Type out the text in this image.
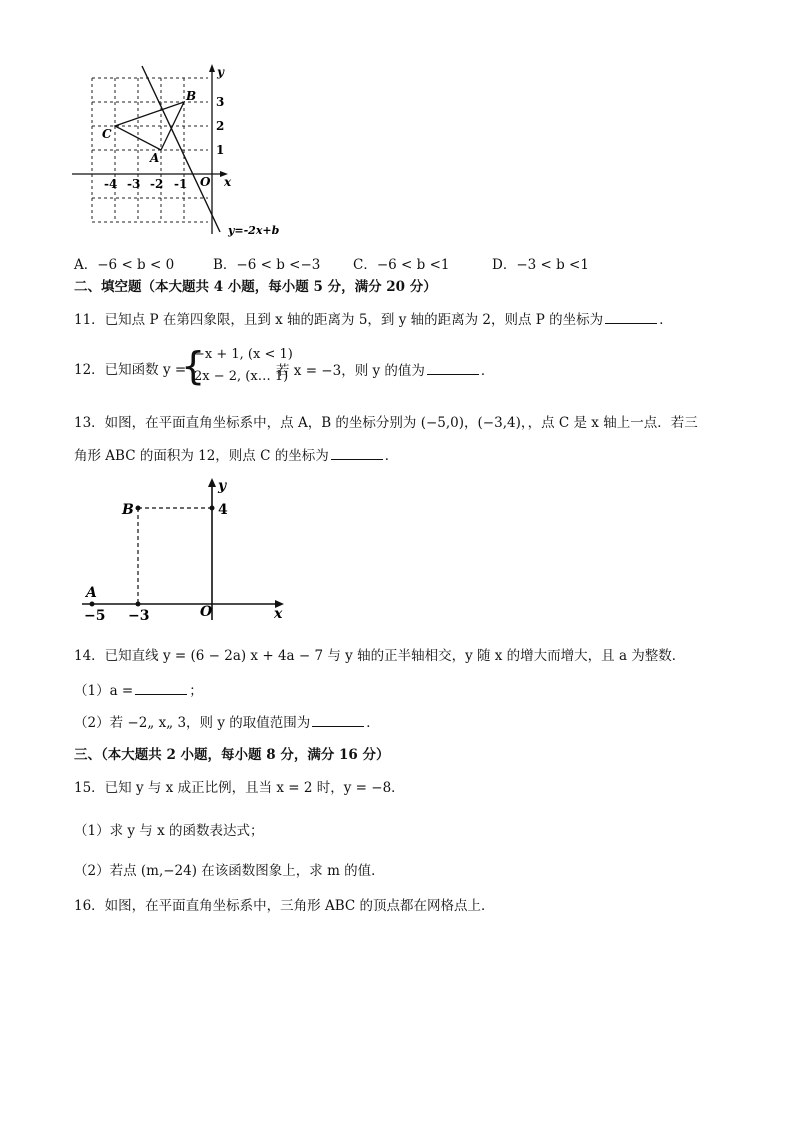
-4 -3 -2 -1
1
2
3
x
y
O
A
B
C
y=-2x+b
A．−6 < b < 0	B．−6 < b <−3 C．−6 < b <1	D．−3 < b <1
二、填空题（本大题共 4 小题，每小题 5 分，满分 20 分）
11．已知点 P 在第四象限，且到 x 轴的距离为 5，到 y 轴的距离为 2，则点 P 的坐标为	．
12．已知函数 y =
{
−x + 1, (x < 1)
2x − 2, (x… 1)
若 x = −3，则 y 的值为	．
13．如图，在平面直角坐标系中，点 A，B 的坐标分别为 (−5,0)，(−3,4)，，点 C 是 x 轴上一点．若三
角形 ABC 的面积为 12，则点 C 的坐标为	．
B
A
4
−5 −3	O	x
y
14．已知直线 y = (6 − 2a) x + 4a − 7 与 y 轴的正半轴相交，y 随 x 的增大而增大，且 a 为整数．
（1）a =	；
（2）若 −2„ x„ 3，则 y 的取值范围为	．
三、（本大题共 2 小题，每小题 8 分，满分 16 分）
15．已知 y 与 x 成正比例，且当 x = 2 时，y = −8．
（1）求 y 与 x 的函数表达式；
（2）若点 (m,−24) 在该函数图象上，求 m 的值．
16．如图，在平面直角坐标系中，三角形 ABC 的顶点都在网格点上．
